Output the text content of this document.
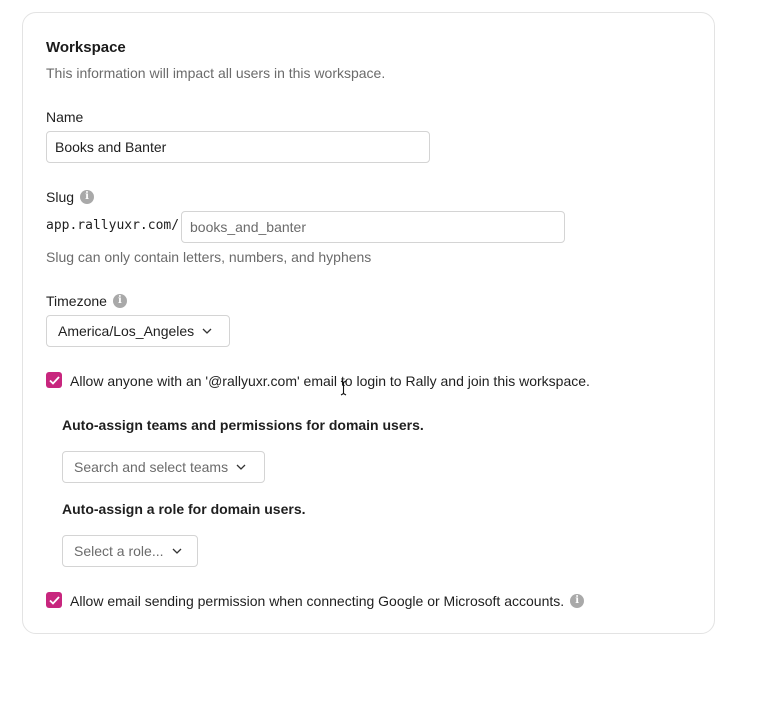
Workspace
This information will impact all users in this workspace.
Name
Books and Banter
Slug	i
app.rallyuxr.com/ books_and_banter
Slug can only contain letters, numbers, and hyphens
Timezone	i
America/Los_Angeles
Allow anyone with an '@rallyuxr.com' email to login to Rally and join this workspace.
Auto-assign teams and permissions for domain users.
Search and select teams
Auto-assign a role for domain users.
Select a role...
Allow email sending permission when connecting Google or Microsoft accounts.	i
